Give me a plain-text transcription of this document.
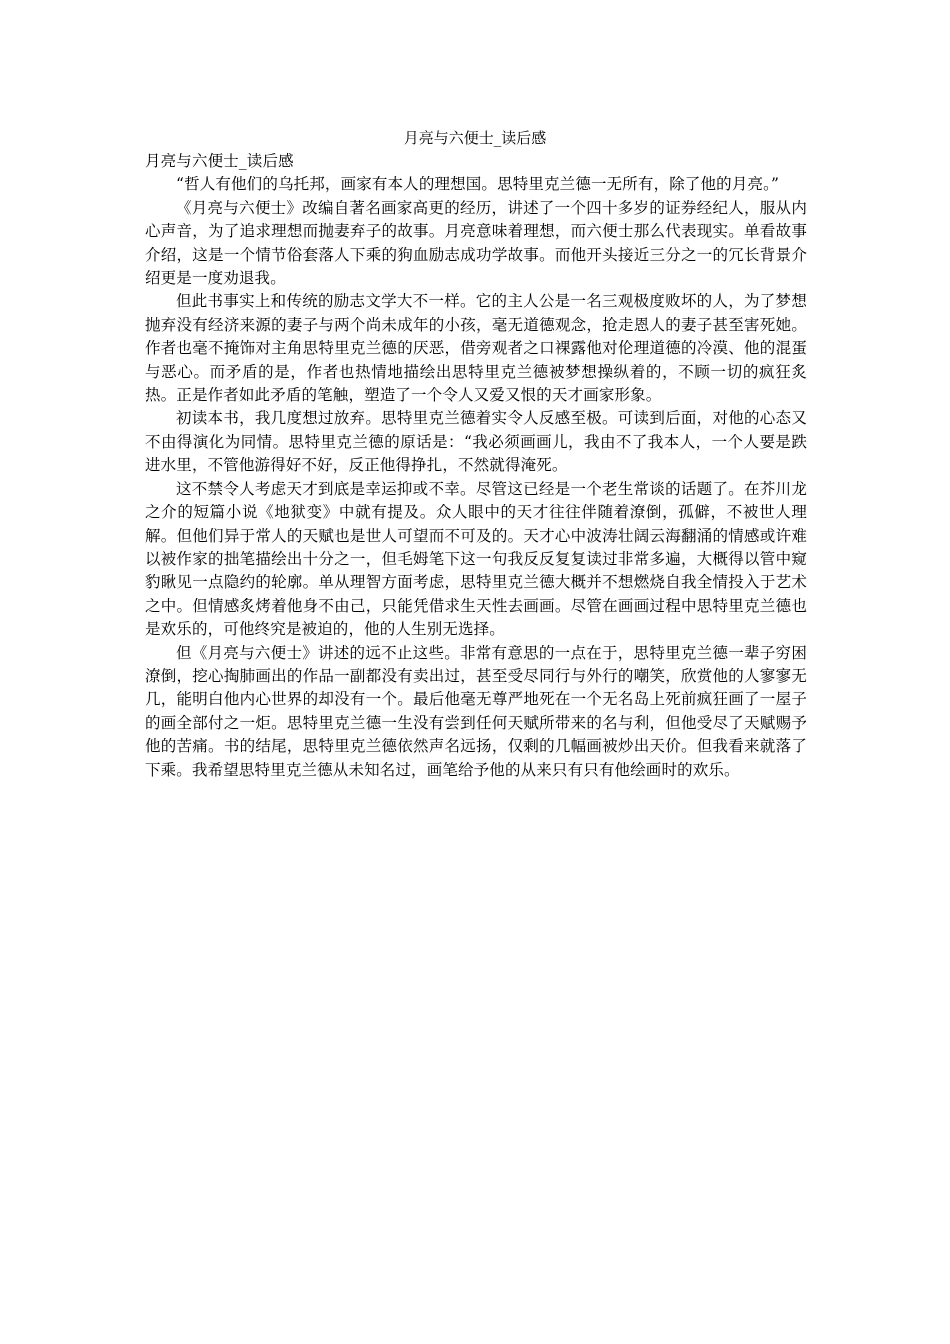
月亮与六便士_读后感

月亮与六便士_读后感

“哲人有他们的乌托邦，画家有本人的理想国。思特里克兰德一无所有，除了他的月亮。”

《月亮与六便士》改编自著名画家高更的经历，讲述了一个四十多岁的证券经纪人，服从内心声音，为了追求理想而抛妻弃子的故事。月亮意味着理想，而六便士那么代表现实。单看故事介绍，这是一个情节俗套落人下乘的狗血励志成功学故事。而他开头接近三分之一的冗长背景介绍更是一度劝退我。

但此书事实上和传统的励志文学大不一样。它的主人公是一名三观极度败坏的人，为了梦想抛弃没有经济来源的妻子与两个尚未成年的小孩，毫无道德观念，抢走恩人的妻子甚至害死她。作者也毫不掩饰对主角思特里克兰德的厌恶，借旁观者之口裸露他对伦理道德的冷漠、他的混蛋与恶心。而矛盾的是，作者也热情地描绘出思特里克兰德被梦想操纵着的，不顾一切的疯狂炙热。正是作者如此矛盾的笔触，塑造了一个令人又爱又恨的天才画家形象。

初读本书，我几度想过放弃。思特里克兰德着实令人反感至极。可读到后面，对他的心态又不由得演化为同情。思特里克兰德的原话是：“我必须画画儿，我由不了我本人，一个人要是跌进水里，不管他游得好不好，反正他得挣扎，不然就得淹死。

这不禁令人考虑天才到底是幸运抑或不幸。尽管这已经是一个老生常谈的话题了。在芥川龙之介的短篇小说《地狱变》中就有提及。众人眼中的天才往往伴随着潦倒，孤僻，不被世人理解。但他们异于常人的天赋也是世人可望而不可及的。天才心中波涛壮阔云海翻涌的情感或许难以被作家的拙笔描绘出十分之一，但毛姆笔下这一句我反反复复读过非常多遍，大概得以管中窥豹瞅见一点隐约的轮廓。单从理智方面考虑，思特里克兰德大概并不想燃烧自我全情投入于艺术之中。但情感炙烤着他身不由己，只能凭借求生天性去画画。尽管在画画过程中思特里克兰德也是欢乐的，可他终究是被迫的，他的人生别无选择。

但《月亮与六便士》讲述的远不止这些。非常有意思的一点在于，思特里克兰德一辈子穷困潦倒，挖心掏肺画出的作品一副都没有卖出过，甚至受尽同行与外行的嘲笑，欣赏他的人寥寥无几，能明白他内心世界的却没有一个。最后他毫无尊严地死在一个无名岛上死前疯狂画了一屋子的画全部付之一炬。思特里克兰德一生没有尝到任何天赋所带来的名与利，但他受尽了天赋赐予他的苦痛。书的结尾，思特里克兰德依然声名远扬，仅剩的几幅画被炒出天价。但我看来就落了下乘。我希望思特里克兰德从未知名过，画笔给予他的从来只有只有他绘画时的欢乐。
